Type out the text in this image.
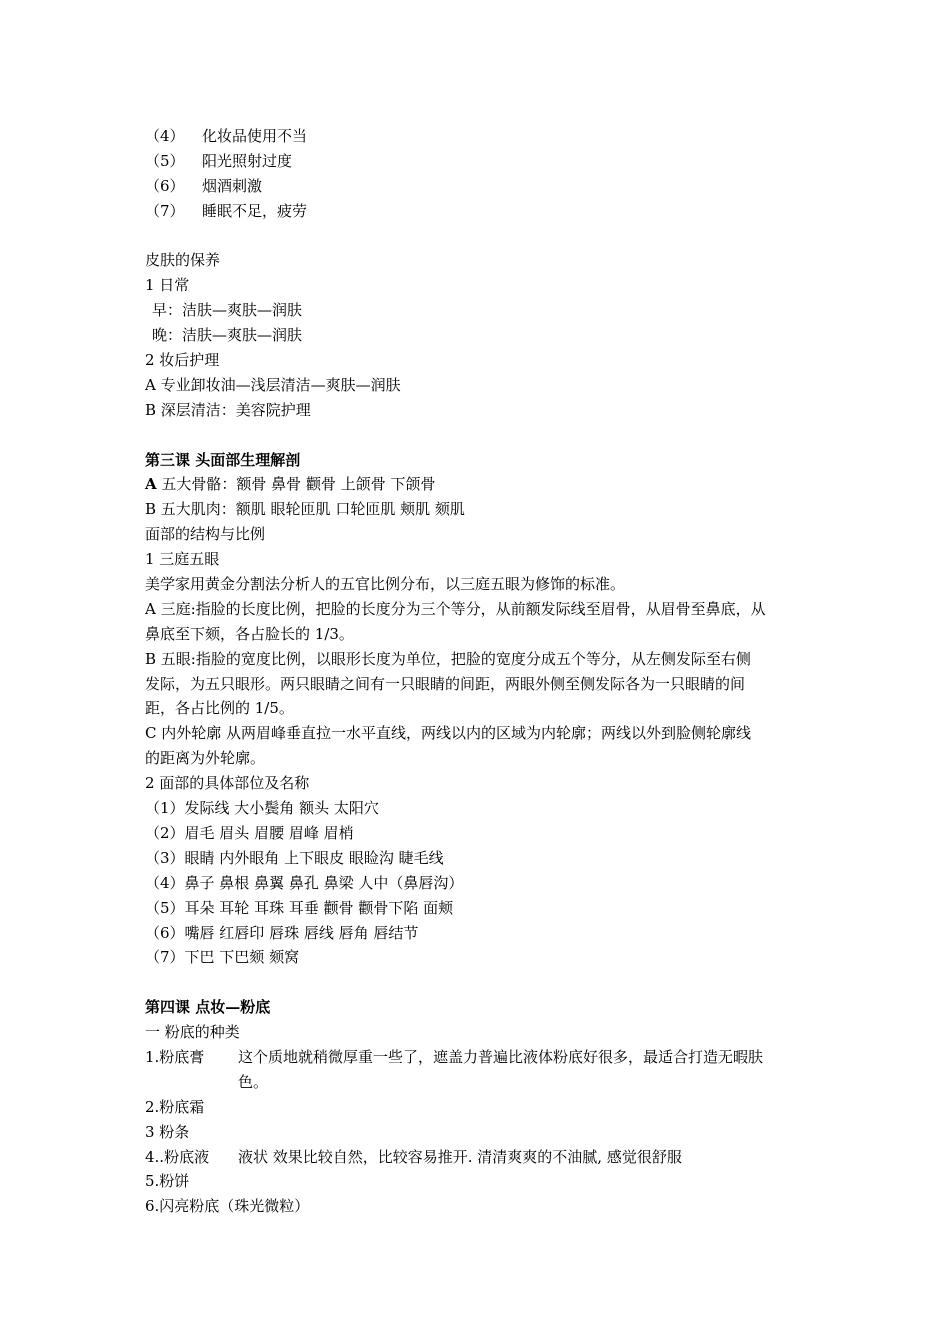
（4） 化妆品使用不当
（5） 阳光照射过度
（6） 烟酒刺激
（7） 睡眠不足，疲劳
皮肤的保养
1 日常
早：洁肤—爽肤—润肤
晚：洁肤—爽肤—润肤
2 妆后护理
A 专业卸妆油—浅层清洁—爽肤—润肤
B 深层清洁：美容院护理
第三课 头面部生理解剖
A 五大骨骼：额骨 鼻骨 颧骨 上颌骨 下颌骨
B 五大肌肉：额肌 眼轮匝肌 口轮匝肌 颊肌 颏肌
面部的结构与比例
1 三庭五眼
美学家用黄金分割法分析人的五官比例分布，以三庭五眼为修饰的标准。
A 三庭:指脸的长度比例，把脸的长度分为三个等分，从前额发际线至眉骨，从眉骨至鼻底，从
鼻底至下颏，各占脸长的 1/3。
B 五眼:指脸的宽度比例，以眼形长度为单位，把脸的宽度分成五个等分，从左侧发际至右侧
发际，为五只眼形。两只眼睛之间有一只眼睛的间距，两眼外侧至侧发际各为一只眼睛的间
距，各占比例的 1/5。
C 内外轮廓 从两眉峰垂直拉一水平直线，两线以内的区域为内轮廓；两线以外到脸侧轮廓线
的距离为外轮廓。
2 面部的具体部位及名称
（1）发际线 大小鬓角 额头 太阳穴
（2）眉毛 眉头 眉腰 眉峰 眉梢
（3）眼睛 内外眼角 上下眼皮 眼睑沟 睫毛线
（4）鼻子 鼻根 鼻翼 鼻孔 鼻梁 人中（鼻唇沟）
（5）耳朵 耳轮 耳珠 耳垂 颧骨 颧骨下陷 面颊
（6）嘴唇 红唇印 唇珠 唇线 唇角 唇结节
（7）下巴 下巴颏 颏窝
第四课 点妆—粉底
一 粉底的种类
1.粉底膏 这个质地就稍微厚重一些了，遮盖力普遍比液体粉底好很多，最适合打造无暇肤
色。
2.粉底霜
3 粉条
4..粉底液 液状 效果比较自然，比较容易推开. 清清爽爽的不油腻, 感觉很舒服
5.粉饼
6.闪亮粉底（珠光微粒）
